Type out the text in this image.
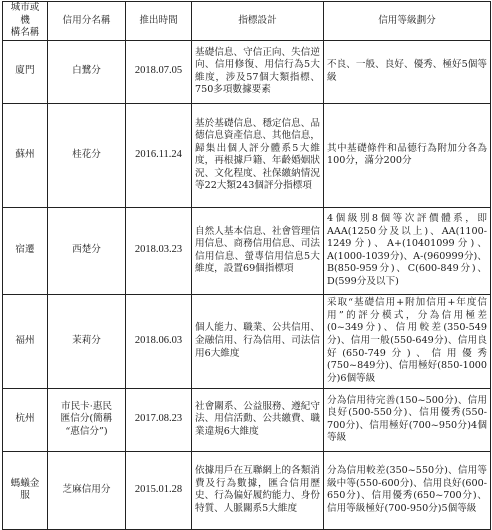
城市或機
構名稱	信用分名稱	推出時間	指標設計	信用等級劃分
廈門	白鷺分	2018.07.05	基礎信息、守信正向、失信逆向、信用修復、用信行為5大維度，涉及57個大類指標、750多項數據要素	不良、一般、良好、優秀、極好5個等級
蘇州	桂花分	2016.11.24	基於基礎信息、穩定信息、品德信息資產信息、其他信息，歸集出個人評分體系5大維度，再根據戶籍、年齡婚姻狀況、文化程度、社保繳納情況等22大類243個評分指標項	其中基礎條件和品德行為附加分各為100分，滿分200分
宿遷	西楚分	2018.03.23	自然人基本信息、社會管理信用信息、商務信用信息、司法信用信息、螢專信用信息5大維度，設置69個指標項	4個級別8個等次評價體系，即AAA(1250分及以上)、AA(1100-1249分)、A+(10401099分)、A(1000-1039分)、A-(960999分)、B(850-959分)、C(600-849分)、D(599分及以下)
福州	茉莉分	2018.06.03	個人能力、職業、公共信用、金融信用、行為信用、司法信用6大維度	采取“基礎信用+附加信用+年度信用”的評分模式，分為信用極差(0~349分)、信用較差(350-549分)、信用一般(550-649分)、信用良好(650-749分)、信用優秀(750~849分)、信用極好(850-1000分)6個等級
杭州	市民卡·惠民
匯信分(簡稱
“惠信分”)	2017.08.23	社會關系、公益服務、遵紀守法、用信活動、公共繳費、職業違規6大維度	分為信用待完善(150~500分)、信用良好(500-550分)、信用優秀(550-700分)、信用極好(700~950分)4個等級
螞蟻金服	芝麻信用分	2015.01.28	依據用戶在互聯網上的各類消費及行為數據，匯合信用歷史、行為偏好履約能力、身份特質、人脈關系5大維度	分為信用較差(350~550分)、信用等級中等(550-600分)、信用良好(600-650分)、信用優秀(650~700分)、信用等級極好(700-950分)5個等級
